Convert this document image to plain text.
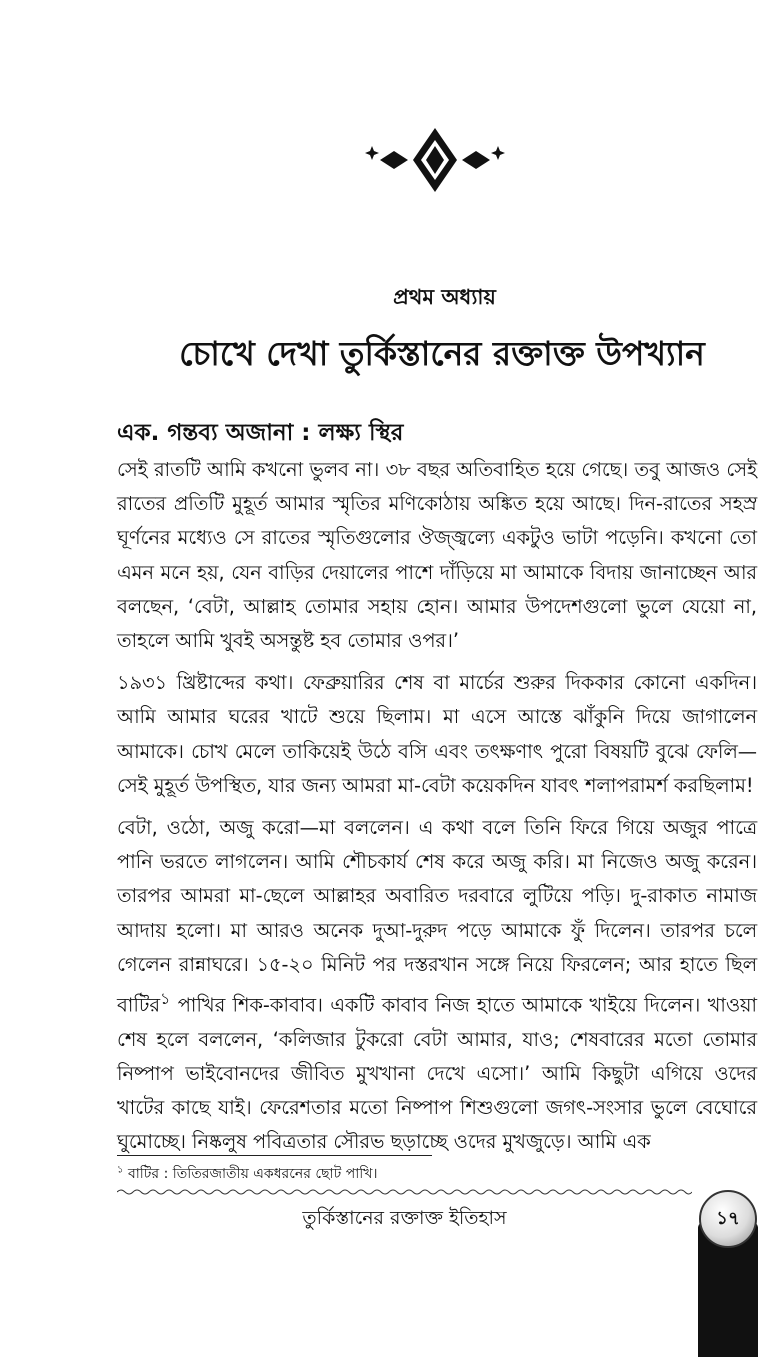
প্রথম অধ্যায়
চোখে দেখা তুর্কিস্তানের রক্তাক্ত উপখ্যান
এক. গন্তব্য অজানা : লক্ষ্য স্থির

সেই রাতটি আমি কখনো ভুলব না। ৩৮ বছর অতিবাহিত হয়ে গেছে। তবু আজও সেই রাতের প্রতিটি মুহূর্ত আমার স্মৃতির মণিকোঠায় অঙ্কিত হয়ে আছে। দিন-রাতের সহস্র ঘূর্ণনের মধ্যেও সে রাতের স্মৃতিগুলোর ঔজ্জ্বল্যে একটুও ভাটা পড়েনি। কখনো তো এমন মনে হয়, যেন বাড়ির দেয়ালের পাশে দাঁড়িয়ে মা আমাকে বিদায় জানাচ্ছেন আর বলছেন, ‘বেটা, আল্লাহ তোমার সহায় হোন। আমার উপদেশগুলো ভুলে যেয়ো না, তাহলে আমি খুবই অসন্তুষ্ট হব তোমার ওপর।’

১৯৩১ খ্রিষ্টাব্দের কথা। ফেব্রুয়ারির শেষ বা মার্চের শুরুর দিককার কোনো একদিন। আমি আমার ঘরের খাটে শুয়ে ছিলাম। মা এসে আস্তে ঝাঁকুনি দিয়ে জাগালেন আমাকে। চোখ মেলে তাকিয়েই উঠে বসি এবং তৎক্ষণাৎ পুরো বিষয়টি বুঝে ফেলি—সেই মুহূর্ত উপস্থিত, যার জন্য আমরা মা-বেটা কয়েকদিন যাবৎ শলাপরামর্শ করছিলাম!

বেটা, ওঠো, অজু করো—মা বললেন। এ কথা বলে তিনি ফিরে গিয়ে অজুর পাত্রে পানি ভরতে লাগলেন। আমি শৌচকার্য শেষ করে অজু করি। মা নিজেও অজু করেন। তারপর আমরা মা-ছেলে আল্লাহর অবারিত দরবারে লুটিয়ে পড়ি। দু-রাকাত নামাজ আদায় হলো। মা আরও অনেক দুআ-দুরুদ পড়ে আমাকে ফুঁ দিলেন। তারপর চলে গেলেন রান্নাঘরে। ১৫-২০ মিনিট পর দস্তরখান সঙ্গে নিয়ে ফিরলেন; আর হাতে ছিল বাটির$^১$ পাখির শিক-কাবাব। একটি কাবাব নিজ হাতে আমাকে খাইয়ে দিলেন। খাওয়া শেষ হলে বললেন, ‘কলিজার টুকরো বেটা আমার, যাও; শেষবারের মতো তোমার নিষ্পাপ ভাইবোনদের জীবিত মুখখানা দেখে এসো।’ আমি কিছুটা এগিয়ে ওদের খাটের কাছে যাই। ফেরেশতার মতো নিষ্পাপ শিশুগুলো জগৎ-সংসার ভুলে বেঘোরে ঘুমোচ্ছে। নিষ্কলুষ পবিত্রতার সৌরভ ছড়াচ্ছে ওদের মুখজুড়ে। আমি এক

$^১$ বাটির : তিতিরজাতীয় একধরনের ছোট পাখি।
তুর্কিস্তানের রক্তাক্ত ইতিহাস	১৭
